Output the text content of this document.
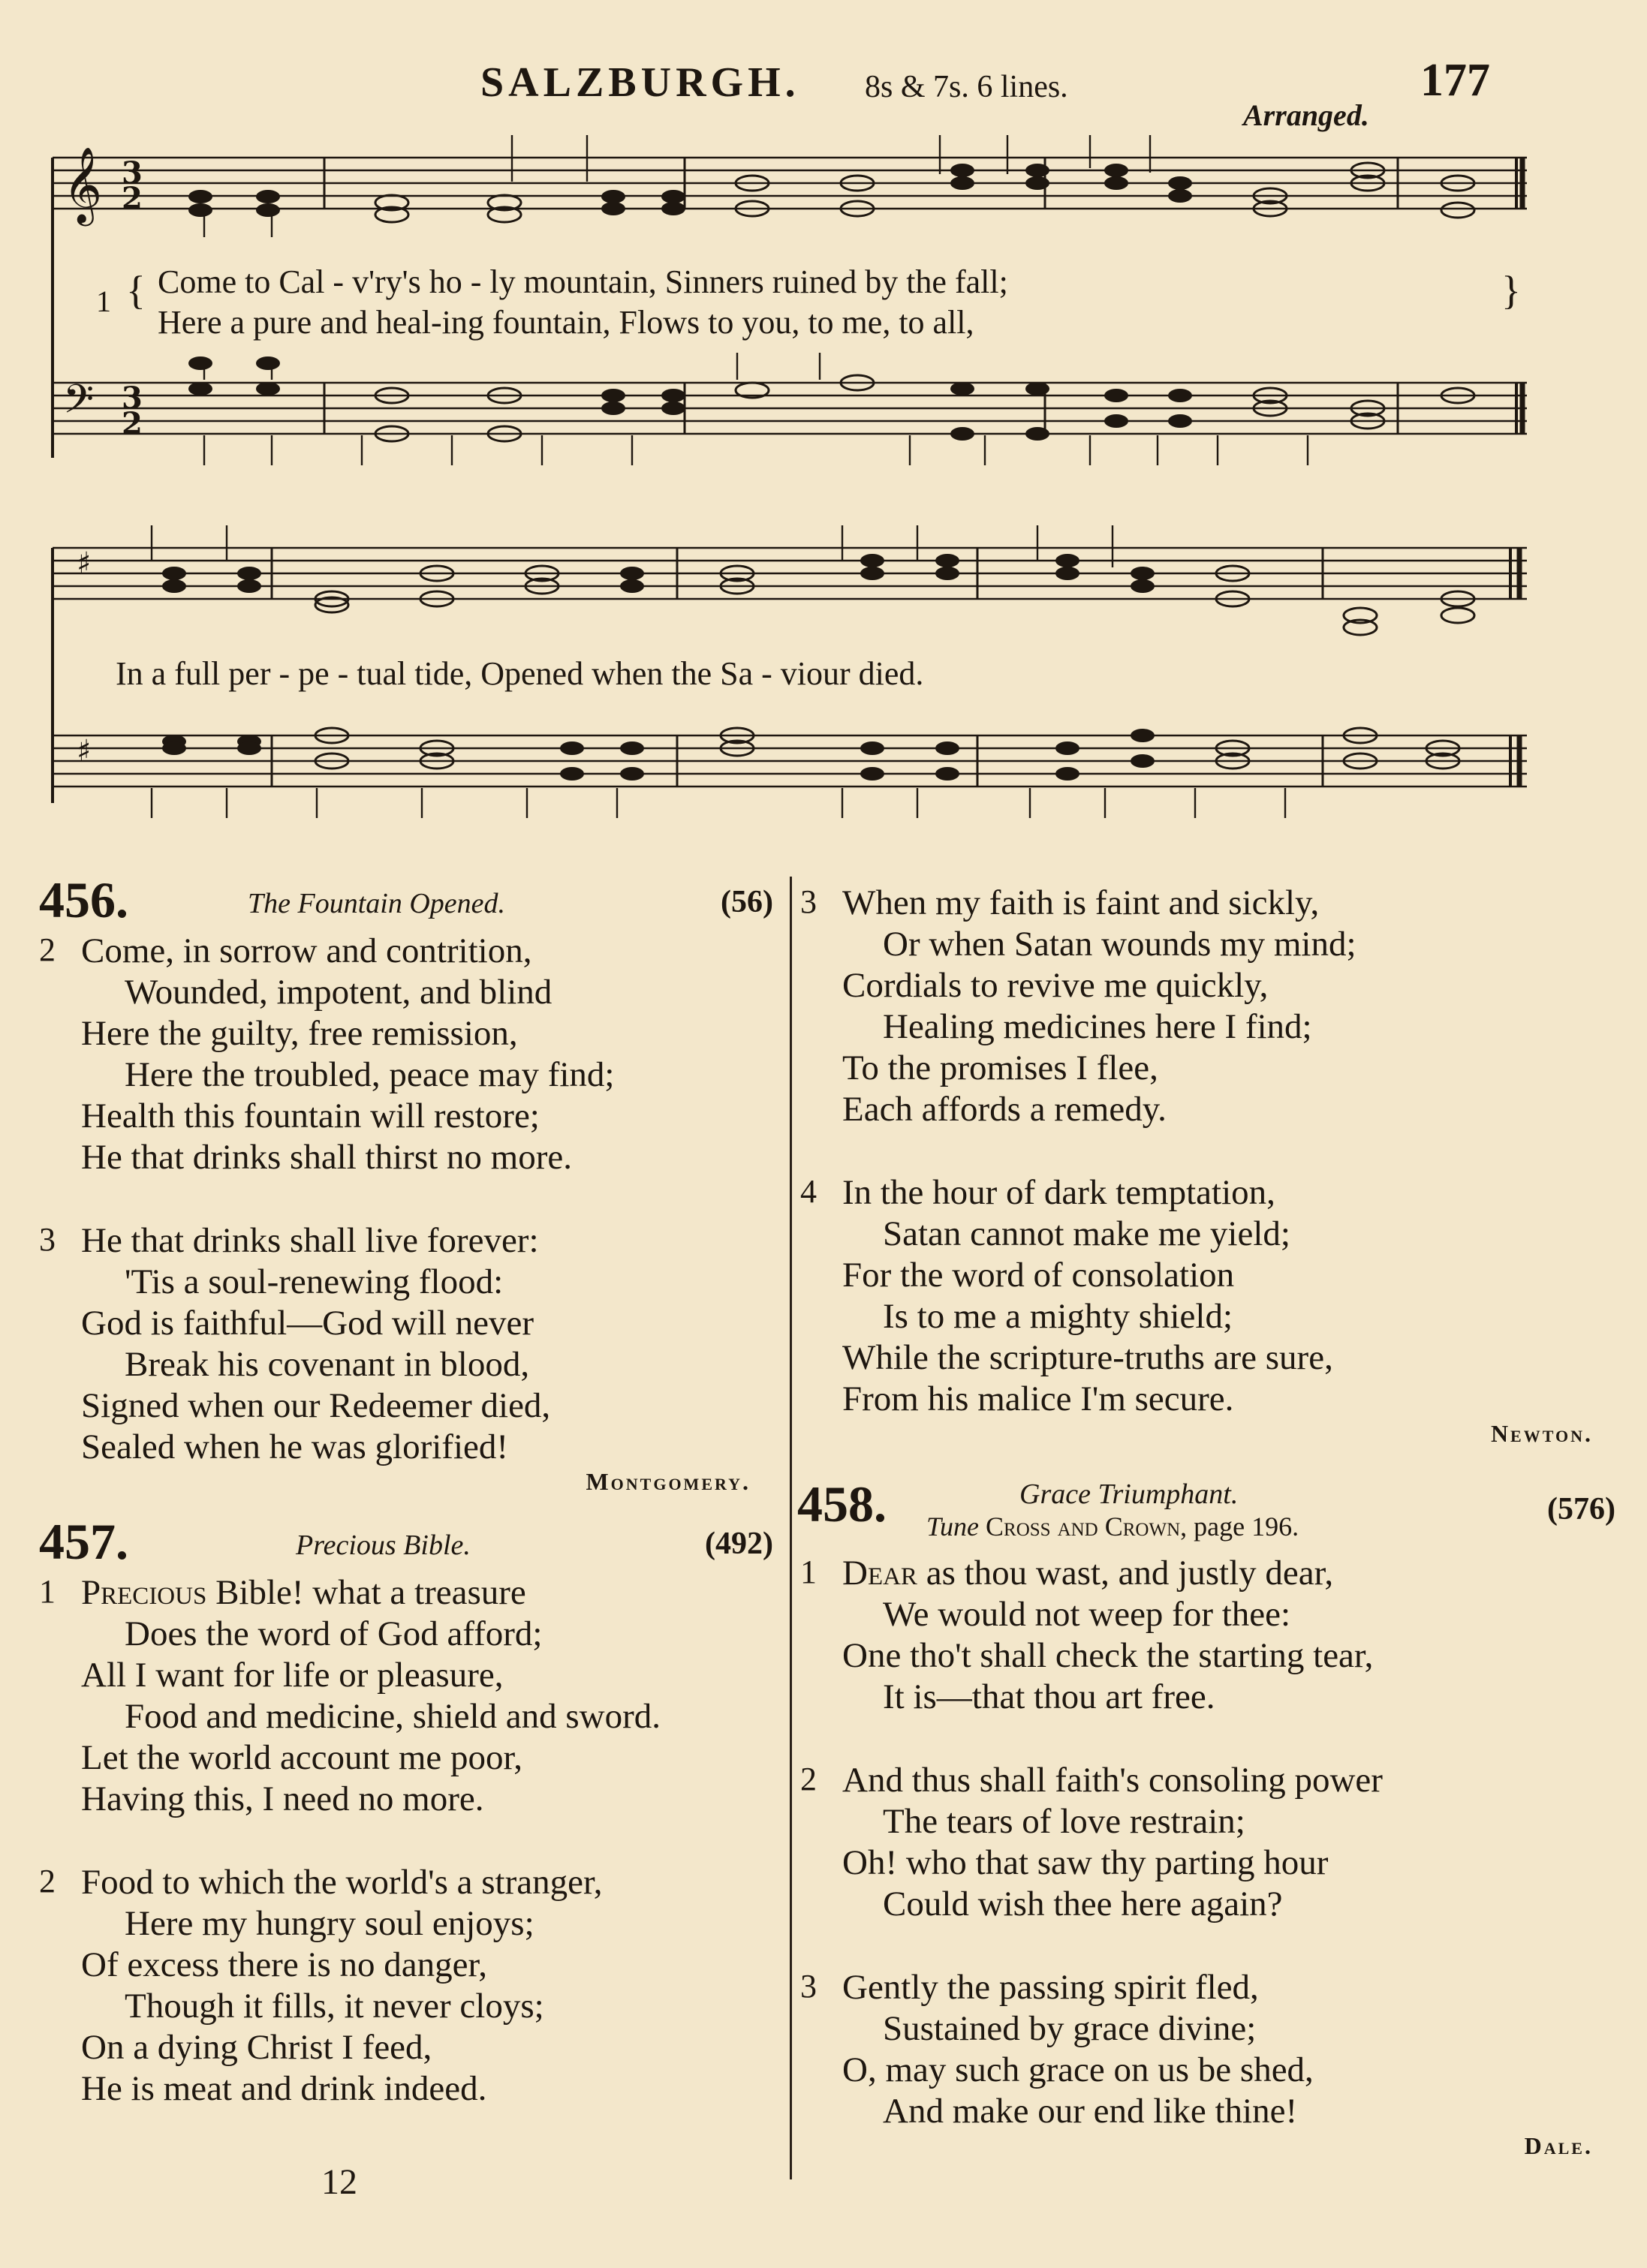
SALZBURGH. 8s & 7s. 6 lines.	177
Arranged.
𝄞
𝄢
3
2
3
2
1 {	}
Come to Cal - v'ry's ho - ly mountain, Sinners ruined by the fall;
Here a pure and heal-ing fountain, Flows to you, to me, to all,
♯
♯
In a full per - pe - tual tide, Opened when the Sa - viour died.
456.	The Fountain Opened.	(56)
2 Come, in sorrow and contrition,
Wounded, impotent, and blind
Here the guilty, free remission,
Here the troubled, peace may find;
Health this fountain will restore;
He that drinks shall thirst no more.
3 He that drinks shall live forever:
'Tis a soul-renewing flood:
God is faithful—God will never
Break his covenant in blood,
Signed when our Redeemer died,
Sealed when he was glorified!
Montgomery.
457.	Precious Bible.	(492)
1 Precious Bible! what a treasure
Does the word of God afford;
All I want for life or pleasure,
Food and medicine, shield and sword.
Let the world account me poor,
Having this, I need no more.
2 Food to which the world's a stranger,
Here my hungry soul enjoys;
Of excess there is no danger,
Though it fills, it never cloys;
On a dying Christ I feed,
He is meat and drink indeed.
3 When my faith is faint and sickly,
Or when Satan wounds my mind;
Cordials to revive me quickly,
Healing medicines here I find;
To the promises I flee,
Each affords a remedy.
4 In the hour of dark temptation,
Satan cannot make me yield;
For the word of consolation
Is to me a mighty shield;
While the scripture-truths are sure,
From his malice I'm secure.
Newton.
458.	Grace Triumphant.	(576)
Tune Cross and Crown, page 196.
1 Dear as thou wast, and justly dear,
We would not weep for thee:
One tho't shall check the starting tear,
It is—that thou art free.
2 And thus shall faith's consoling power
The tears of love restrain;
Oh! who that saw thy parting hour
Could wish thee here again?
3 Gently the passing spirit fled,
Sustained by grace divine;
O, may such grace on us be shed,
And make our end like thine!
Dale.
12
